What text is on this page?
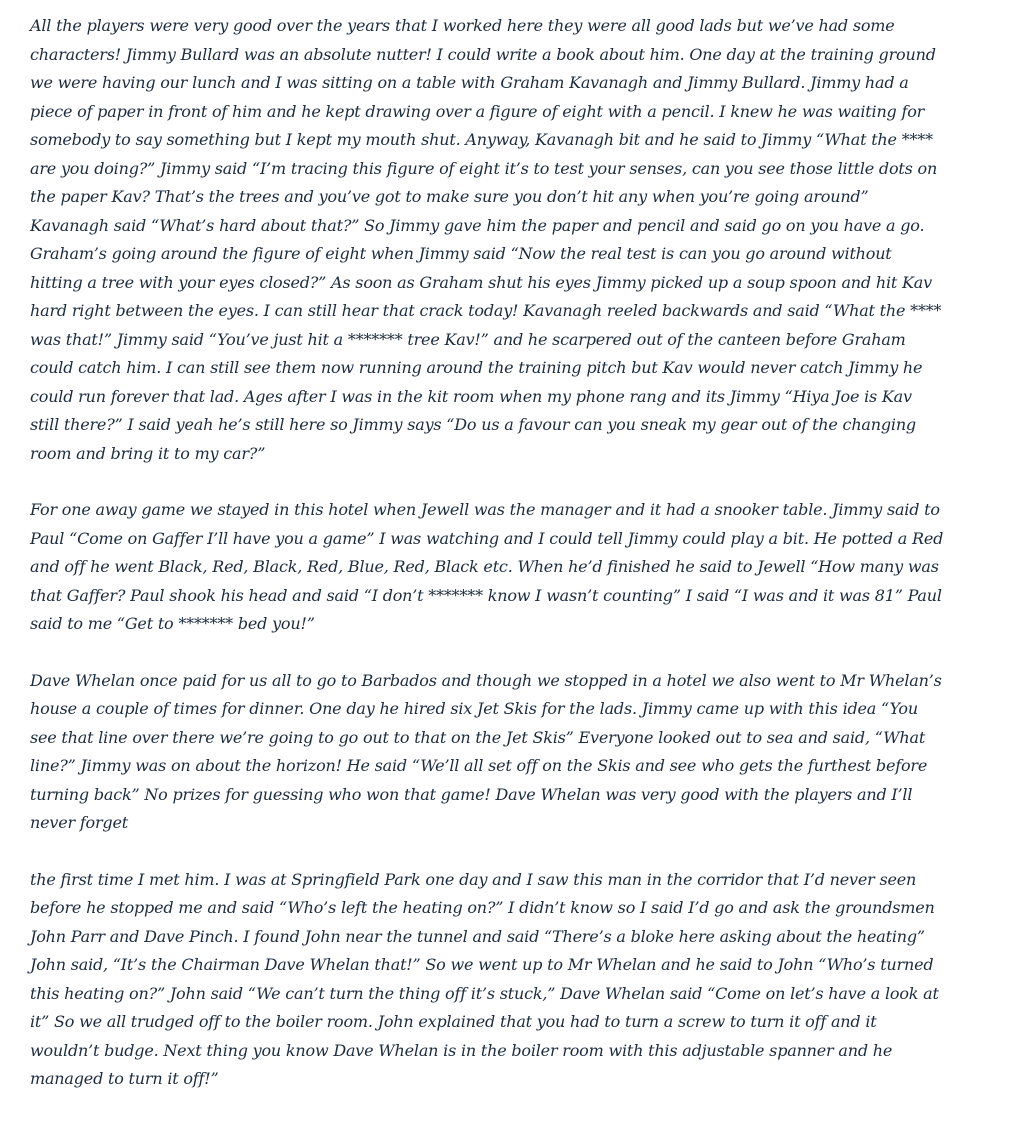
All the players were very good over the years that I worked here they were all good lads but we’ve had some characters! Jimmy Bullard was an absolute nutter! I could write a book about him. One day at the training ground we were having our lunch and I was sitting on a table with Graham Kavanagh and Jimmy Bullard. Jimmy had a piece of paper in front of him and he kept drawing over a figure of eight with a pencil. I knew he was waiting for somebody to say something but I kept my mouth shut. Anyway, Kavanagh bit and he said to Jimmy “What the **** are you doing?” Jimmy said “I’m tracing this figure of eight it’s to test your senses, can you see those little dots on the paper Kav? That’s the trees and you’ve got to make sure you don’t hit any when you’re going around” Kavanagh said “What’s hard about that?” So Jimmy gave him the paper and pencil and said go on you have a go. Graham’s going around the figure of eight when Jimmy said “Now the real test is can you go around without hitting a tree with your eyes closed?” As soon as Graham shut his eyes Jimmy picked up a soup spoon and hit Kav hard right between the eyes. I can still hear that crack today! Kavanagh reeled backwards and said “What the **** was that!” Jimmy said “You’ve just hit a ******* tree Kav!” and he scarpered out of the canteen before Graham could catch him. I can still see them now running around the training pitch but Kav would never catch Jimmy he could run forever that lad. Ages after I was in the kit room when my phone rang and its Jimmy “Hiya Joe is Kav still there?” I said yeah he’s still here so Jimmy says “Do us a favour can you sneak my gear out of the changing room and bring it to my car?”

For one away game we stayed in this hotel when Jewell was the manager and it had a snooker table. Jimmy said to Paul “Come on Gaffer I’ll have you a game” I was watching and I could tell Jimmy could play a bit. He potted a Red and off he went Black, Red, Black, Red, Blue, Red, Black etc. When he’d finished he said to Jewell “How many was that Gaffer? Paul shook his head and said “I don’t ******* know I wasn’t counting” I said “I was and it was 81” Paul said to me “Get to ******* bed you!”

Dave Whelan once paid for us all to go to Barbados and though we stopped in a hotel we also went to Mr Whelan’s house a couple of times for dinner. One day he hired six Jet Skis for the lads. Jimmy came up with this idea “You see that line over there we’re going to go out to that on the Jet Skis” Everyone looked out to sea and said, “What line?” Jimmy was on about the horizon! He said “We’ll all set off on the Skis and see who gets the furthest before turning back” No prizes for guessing who won that game! Dave Whelan was very good with the players and I’ll never forget

the first time I met him. I was at Springfield Park one day and I saw this man in the corridor that I’d never seen before he stopped me and said “Who’s left the heating on?” I didn’t know so I said I’d go and ask the groundsmen John Parr and Dave Pinch. I found John near the tunnel and said “There’s a bloke here asking about the heating” John said, “It’s the Chairman Dave Whelan that!” So we went up to Mr Whelan and he said to John “Who’s turned this heating on?” John said “We can’t turn the thing off it’s stuck,” Dave Whelan said “Come on let’s have a look at it” So we all trudged off to the boiler room. John explained that you had to turn a screw to turn it off and it wouldn’t budge. Next thing you know Dave Whelan is in the boiler room with this adjustable spanner and he managed to turn it off!”
